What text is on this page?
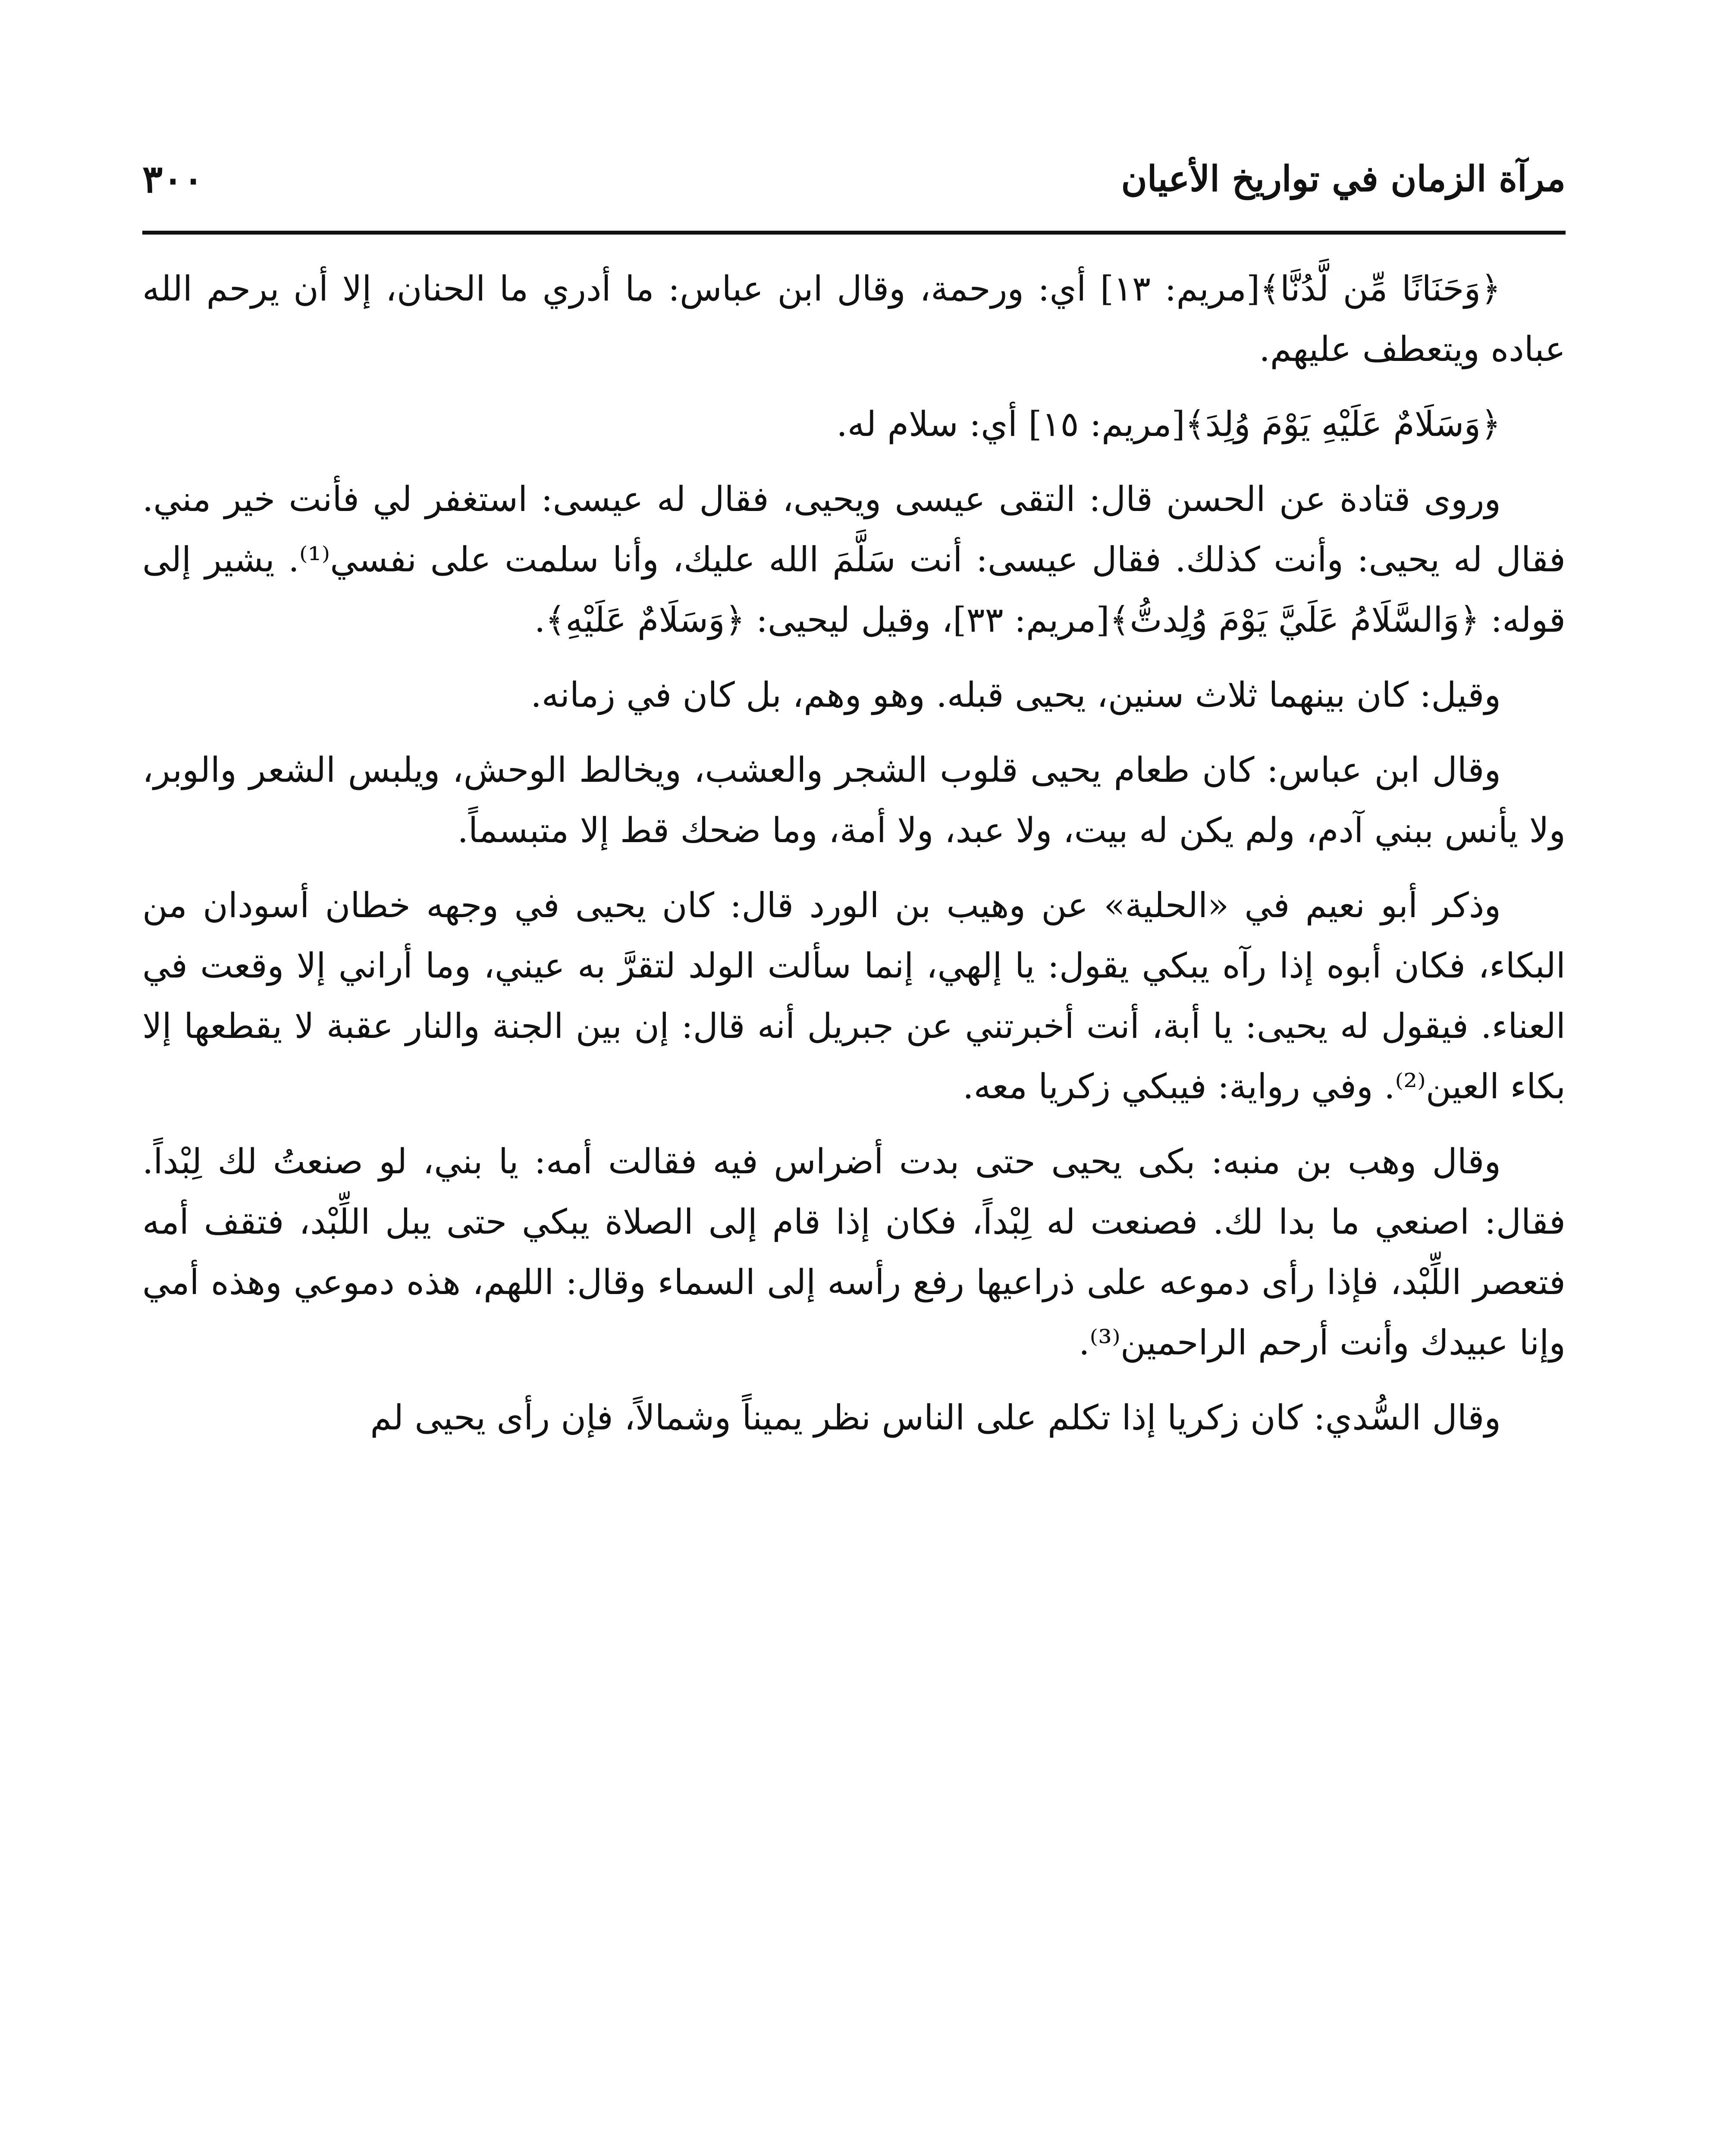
مرآة الزمان في تواريخ الأعيان
٣٠٠

﴿وَحَنَانًا مِّن لَّدُنَّا﴾[مريم: ١٣] أي: ورحمة، وقال ابن عباس: ما أدري ما الحنان، إلا أن يرحم الله عباده ويتعطف عليهم.

﴿وَسَلَامٌ عَلَيْهِ يَوْمَ وُلِدَ﴾[مريم: ١٥] أي: سلام له.

وروى قتادة عن الحسن قال: التقى عيسى ويحيى، فقال له عيسى: استغفر لي فأنت خير مني. فقال له يحيى: وأنت كذلك. فقال عيسى: أنت سَلَّمَ الله عليك، وأنا سلمت على نفسي⁽¹⁾. يشير إلى قوله: ﴿وَالسَّلَامُ عَلَيَّ يَوْمَ وُلِدتُّ﴾[مريم: ٣٣]، وقيل ليحيى: ﴿وَسَلَامٌ عَلَيْهِ﴾.

وقيل: كان بينهما ثلاث سنين، يحيى قبله. وهو وهم، بل كان في زمانه.

وقال ابن عباس: كان طعام يحيى قلوب الشجر والعشب، ويخالط الوحش، ويلبس الشعر والوبر، ولا يأنس ببني آدم، ولم يكن له بيت، ولا عبد، ولا أمة، وما ضحك قط إلا متبسماً.

وذكر أبو نعيم في «الحلية» عن وهيب بن الورد قال: كان يحيى في وجهه خطان أسودان من البكاء، فكان أبوه إذا رآه يبكي يقول: يا إلهي، إنما سألت الولد لتقرَّ به عيني، وما أراني إلا وقعت في العناء. فيقول له يحيى: يا أبة، أنت أخبرتني عن جبريل أنه قال: إن بين الجنة والنار عقبة لا يقطعها إلا بكاء العين⁽²⁾. وفي رواية: فيبكي زكريا معه.

وقال وهب بن منبه: بكى يحيى حتى بدت أضراس فيه فقالت أمه: يا بني، لو صنعتُ لك لِبْداً. فقال: اصنعي ما بدا لك. فصنعت له لِبْداً، فكان إذا قام إلى الصلاة يبكي حتى يبل اللِّبْد، فتقف أمه فتعصر اللِّبْد، فإذا رأى دموعه على ذراعيها رفع رأسه إلى السماء وقال: اللهم، هذه دموعي وهذه أمي وإنا عبيدك وأنت أرحم الراحمين⁽³⁾.

وقال السُّدي: كان زكريا إذا تكلم على الناس نظر يميناً وشمالاً، فإن رأى يحيى لم
